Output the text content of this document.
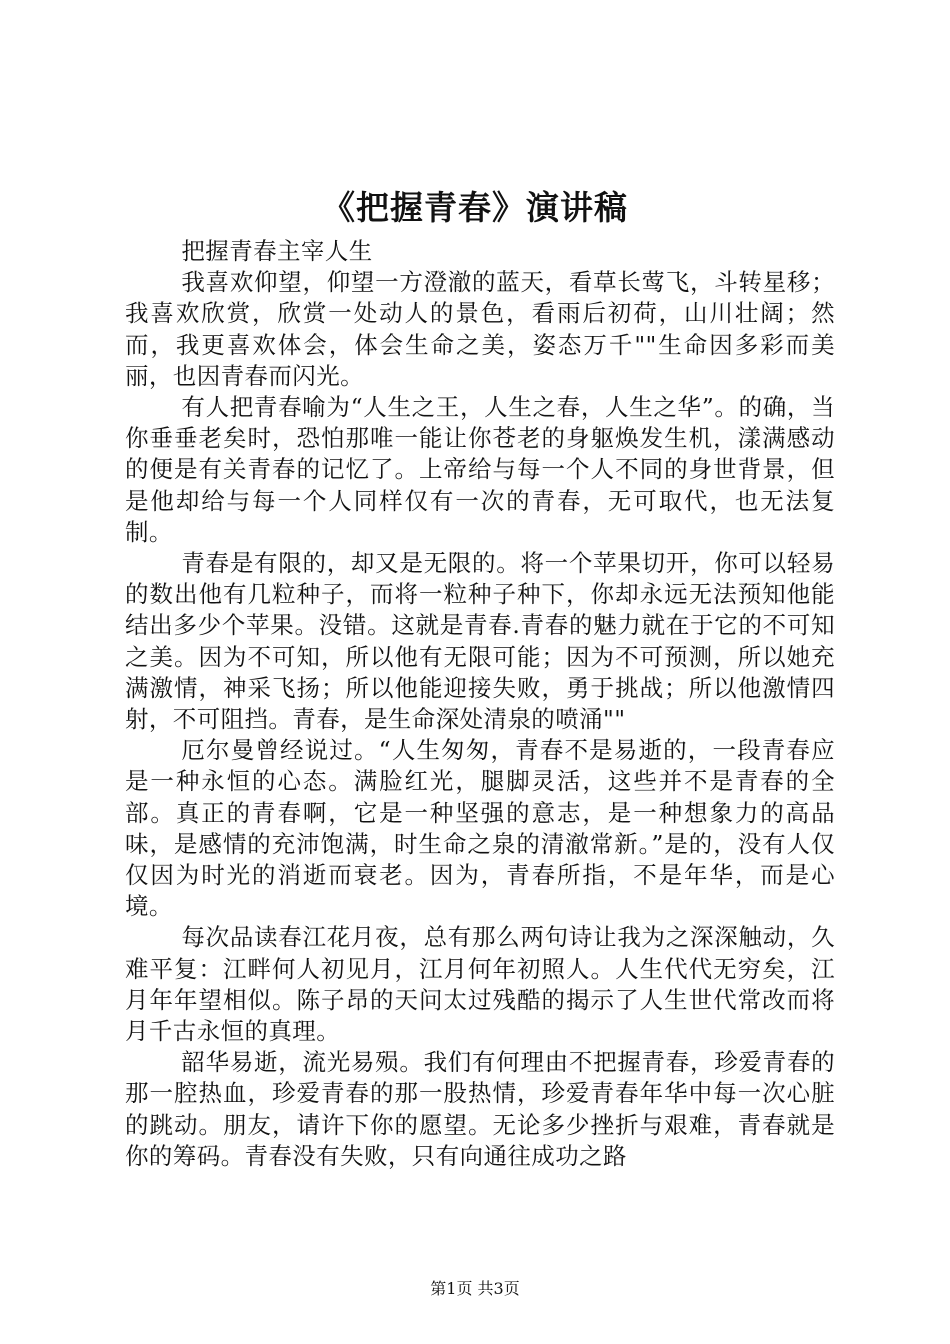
《把握青春》演讲稿

把握青春主宰人生

我喜欢仰望，仰望一方澄澈的蓝天，看草长莺飞，斗转星移；我喜欢欣赏，欣赏一处动人的景色，看雨后初荷，山川壮阔；然而，我更喜欢体会，体会生命之美，姿态万千""生命因多彩而美丽，也因青春而闪光。

有人把青春喻为“人生之王，人生之春，人生之华”。的确，当你垂垂老矣时，恐怕那唯一能让你苍老的身躯焕发生机，漾满感动的便是有关青春的记忆了。上帝给与每一个人不同的身世背景，但是他却给与每一个人同样仅有一次的青春，无可取代，也无法复制。

青春是有限的，却又是无限的。将一个苹果切开，你可以轻易的数出他有几粒种子，而将一粒种子种下，你却永远无法预知他能结出多少个苹果。没错。这就是青春.青春的魅力就在于它的不可知之美。因为不可知，所以他有无限可能；因为不可预测，所以她充满激情，神采飞扬；所以他能迎接失败，勇于挑战；所以他激情四射，不可阻挡。青春，是生命深处清泉的喷涌""

厄尔曼曾经说过。“人生匆匆，青春不是易逝的，一段青春应是一种永恒的心态。满脸红光，腿脚灵活，这些并不是青春的全部。真正的青春啊，它是一种坚强的意志，是一种想象力的高品味，是感情的充沛饱满，时生命之泉的清澈常新。”是的，没有人仅仅因为时光的消逝而衰老。因为，青春所指，不是年华，而是心境。

每次品读春江花月夜，总有那么两句诗让我为之深深触动，久难平复：江畔何人初见月，江月何年初照人。人生代代无穷矣，江月年年望相似。陈子昂的天问太过残酷的揭示了人生世代常改而将月千古永恒的真理。

韶华易逝，流光易殒。我们有何理由不把握青春，珍爱青春的那一腔热血，珍爱青春的那一股热情，珍爱青春年华中每一次心脏的跳动。朋友，请许下你的愿望。无论多少挫折与艰难，青春就是你的筹码。青春没有失败，只有向通往成功之路

第1页 共3页
